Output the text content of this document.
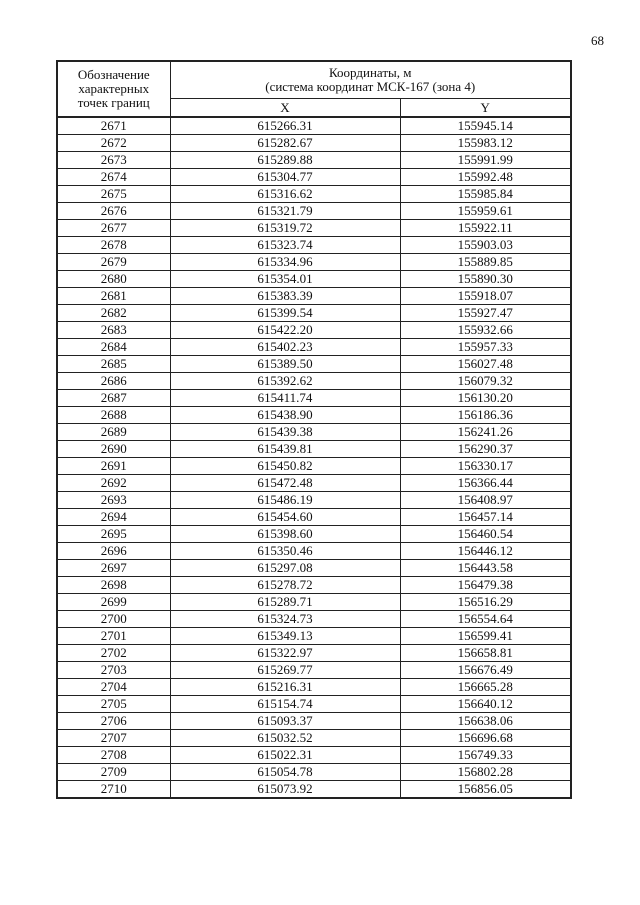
68
Обозначение
характерных
точек границ	Координаты, м
(система координат МСК-167 (зона 4)	

	X	Y
2671	615266.31	155945.14
2672	615282.67	155983.12
2673	615289.88	155991.99
2674	615304.77	155992.48
2675	615316.62	155985.84
2676	615321.79	155959.61
2677	615319.72	155922.11
2678	615323.74	155903.03
2679	615334.96	155889.85
2680	615354.01	155890.30
2681	615383.39	155918.07
2682	615399.54	155927.47
2683	615422.20	155932.66
2684	615402.23	155957.33
2685	615389.50	156027.48
2686	615392.62	156079.32
2687	615411.74	156130.20
2688	615438.90	156186.36
2689	615439.38	156241.26
2690	615439.81	156290.37
2691	615450.82	156330.17
2692	615472.48	156366.44
2693	615486.19	156408.97
2694	615454.60	156457.14
2695	615398.60	156460.54
2696	615350.46	156446.12
2697	615297.08	156443.58
2698	615278.72	156479.38
2699	615289.71	156516.29
2700	615324.73	156554.64
2701	615349.13	156599.41
2702	615322.97	156658.81
2703	615269.77	156676.49
2704	615216.31	156665.28
2705	615154.74	156640.12
2706	615093.37	156638.06
2707	615032.52	156696.68
2708	615022.31	156749.33
2709	615054.78	156802.28
2710	615073.92	156856.05
